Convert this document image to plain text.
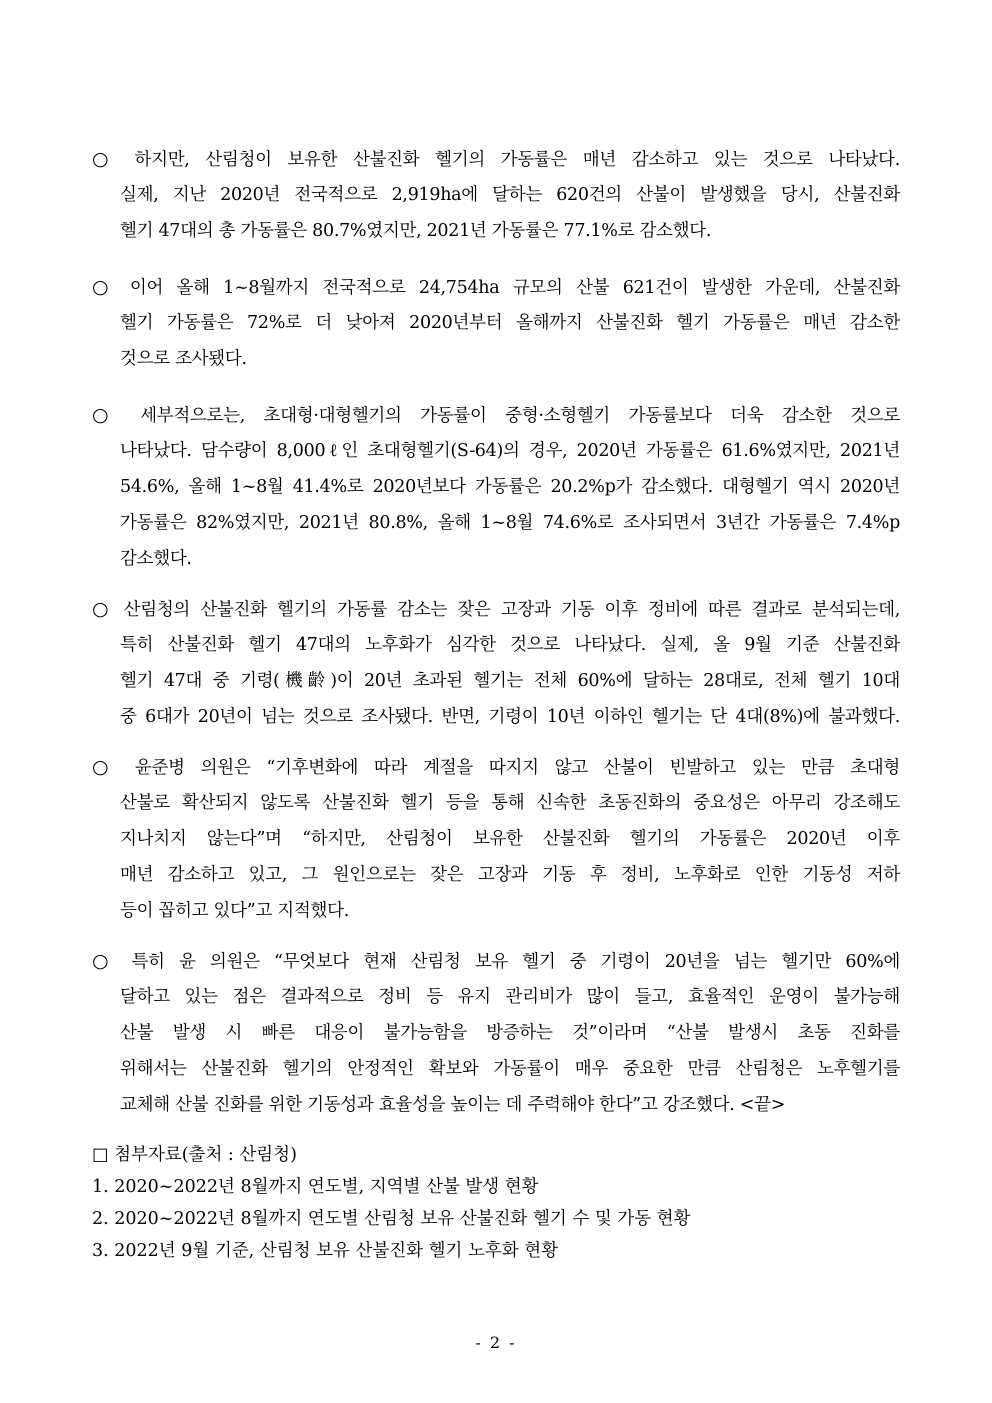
○ 하지만, 산림청이 보유한 산불진화 헬기의 가동률은 매년 감소하고 있는 것으로 나타났다.
실제, 지난 2020년 전국적으로 2,919ha에 달하는 620건의 산불이 발생했을 당시, 산불진화
헬기 47대의 총 가동률은 80.7%였지만, 2021년 가동률은 77.1%로 감소했다.
○ 이어 올해 1~8월까지 전국적으로 24,754ha 규모의 산불 621건이 발생한 가운데, 산불진화
헬기 가동률은 72%로 더 낮아져 2020년부터 올해까지 산불진화 헬기 가동률은 매년 감소한
것으로 조사됐다.
○ 세부적으로는, 초대형·대형헬기의 가동률이 중형·소형헬기 가동률보다 더욱 감소한 것으로
나타났다. 담수량이 8,000ℓ인 초대형헬기(S-64)의 경우, 2020년 가동률은 61.6%였지만, 2021년
54.6%, 올해 1~8월 41.4%로 2020년보다 가동률은 20.2%p가 감소했다. 대형헬기 역시 2020년
가동률은 82%였지만, 2021년 80.8%, 올해 1~8월 74.6%로 조사되면서 3년간 가동률은 7.4%p
감소했다.
○ 산림청의 산불진화 헬기의 가동률 감소는 잦은 고장과 기동 이후 정비에 따른 결과로 분석되는데,
특히 산불진화 헬기 47대의 노후화가 심각한 것으로 나타났다. 실제, 올 9월 기준 산불진화
헬기 47대 중 기령(機齡)이 20년 초과된 헬기는 전체 60%에 달하는 28대로, 전체 헬기 10대
중 6대가 20년이 넘는 것으로 조사됐다. 반면, 기령이 10년 이하인 헬기는 단 4대(8%)에 불과했다.
○ 윤준병 의원은 “기후변화에 따라 계절을 따지지 않고 산불이 빈발하고 있는 만큼 초대형
산불로 확산되지 않도록 산불진화 헬기 등을 통해 신속한 초동진화의 중요성은 아무리 강조해도
지나치지 않는다”며 “하지만, 산림청이 보유한 산불진화 헬기의 가동률은 2020년 이후
매년 감소하고 있고, 그 원인으로는 잦은 고장과 기동 후 정비, 노후화로 인한 기동성 저하
등이 꼽히고 있다”고 지적했다.
○ 특히 윤 의원은 “무엇보다 현재 산림청 보유 헬기 중 기령이 20년을 넘는 헬기만 60%에
달하고 있는 점은 결과적으로 정비 등 유지 관리비가 많이 들고, 효율적인 운영이 불가능해
산불 발생 시 빠른 대응이 불가능함을 방증하는 것”이라며 “산불 발생시 초동 진화를
위해서는 산불진화 헬기의 안정적인 확보와 가동률이 매우 중요한 만큼 산림청은 노후헬기를
교체해 산불 진화를 위한 기동성과 효율성을 높이는 데 주력해야 한다”고 강조했다. <끝>
□ 첨부자료(출처 : 산림청)
1. 2020~2022년 8월까지 연도별, 지역별 산불 발생 현황
2. 2020~2022년 8월까지 연도별 산림청 보유 산불진화 헬기 수 및 가동 현황
3. 2022년 9월 기준, 산림청 보유 산불진화 헬기 노후화 현황
- 2 -
